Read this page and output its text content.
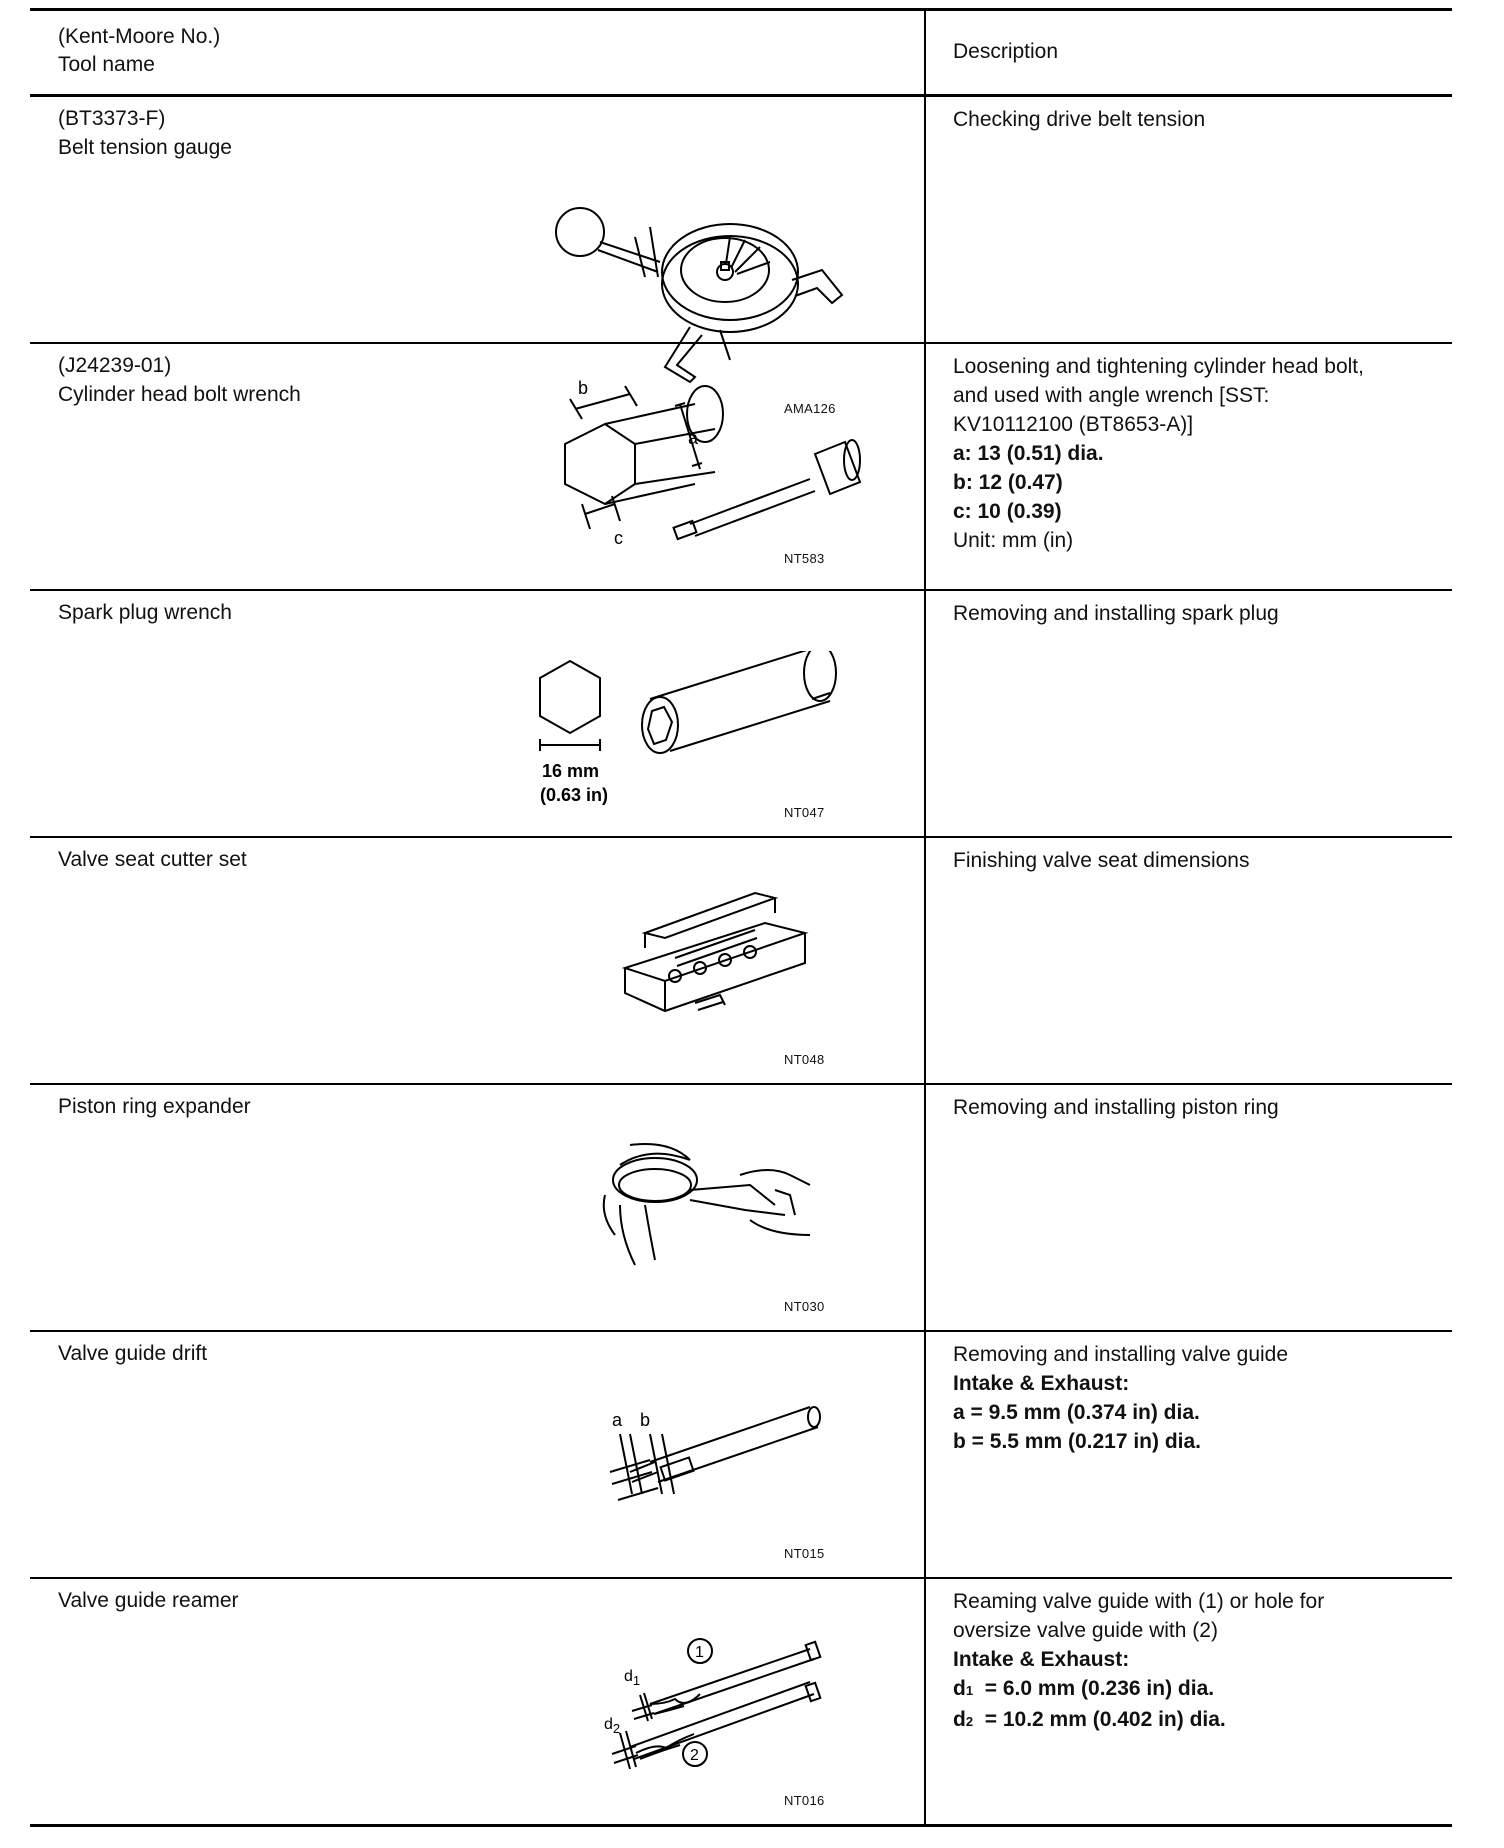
(Kent-Moore No.)
Tool name
Description
(BT3373-F)
Belt tension gauge
AMA126
Checking drive belt tension
(J24239-01)
Cylinder head bolt wrench	b
a
c
NT583
Loosening and tightening cylinder head bolt,
and used with angle wrench [SST:
KV10112100 (BT8653-A)]
a: 13 (0.51) dia.
b: 12 (0.47)
c: 10 (0.39)
Unit: mm (in)
Spark plug wrench
16 mm
(0.63 in)
NT047
Removing and installing spark plug
Valve seat cutter set
NT048
Finishing valve seat dimensions
Piston ring expander
NT030
Removing and installing piston ring
Valve guide drift
a b
NT015
Removing and installing valve guide
Intake & Exhaust:
a = 9.5 mm (0.374 in) dia.
b = 5.5 mm (0.217 in) dia.
Valve guide reamer
1
2
$d_1$
$d_2$
NT016
Reaming valve guide with (1) or hole for
oversize valve guide with (2)
Intake & Exhaust:
d1  = 6.0 mm (0.236 in) dia.
d2  = 10.2 mm (0.402 in) dia.
